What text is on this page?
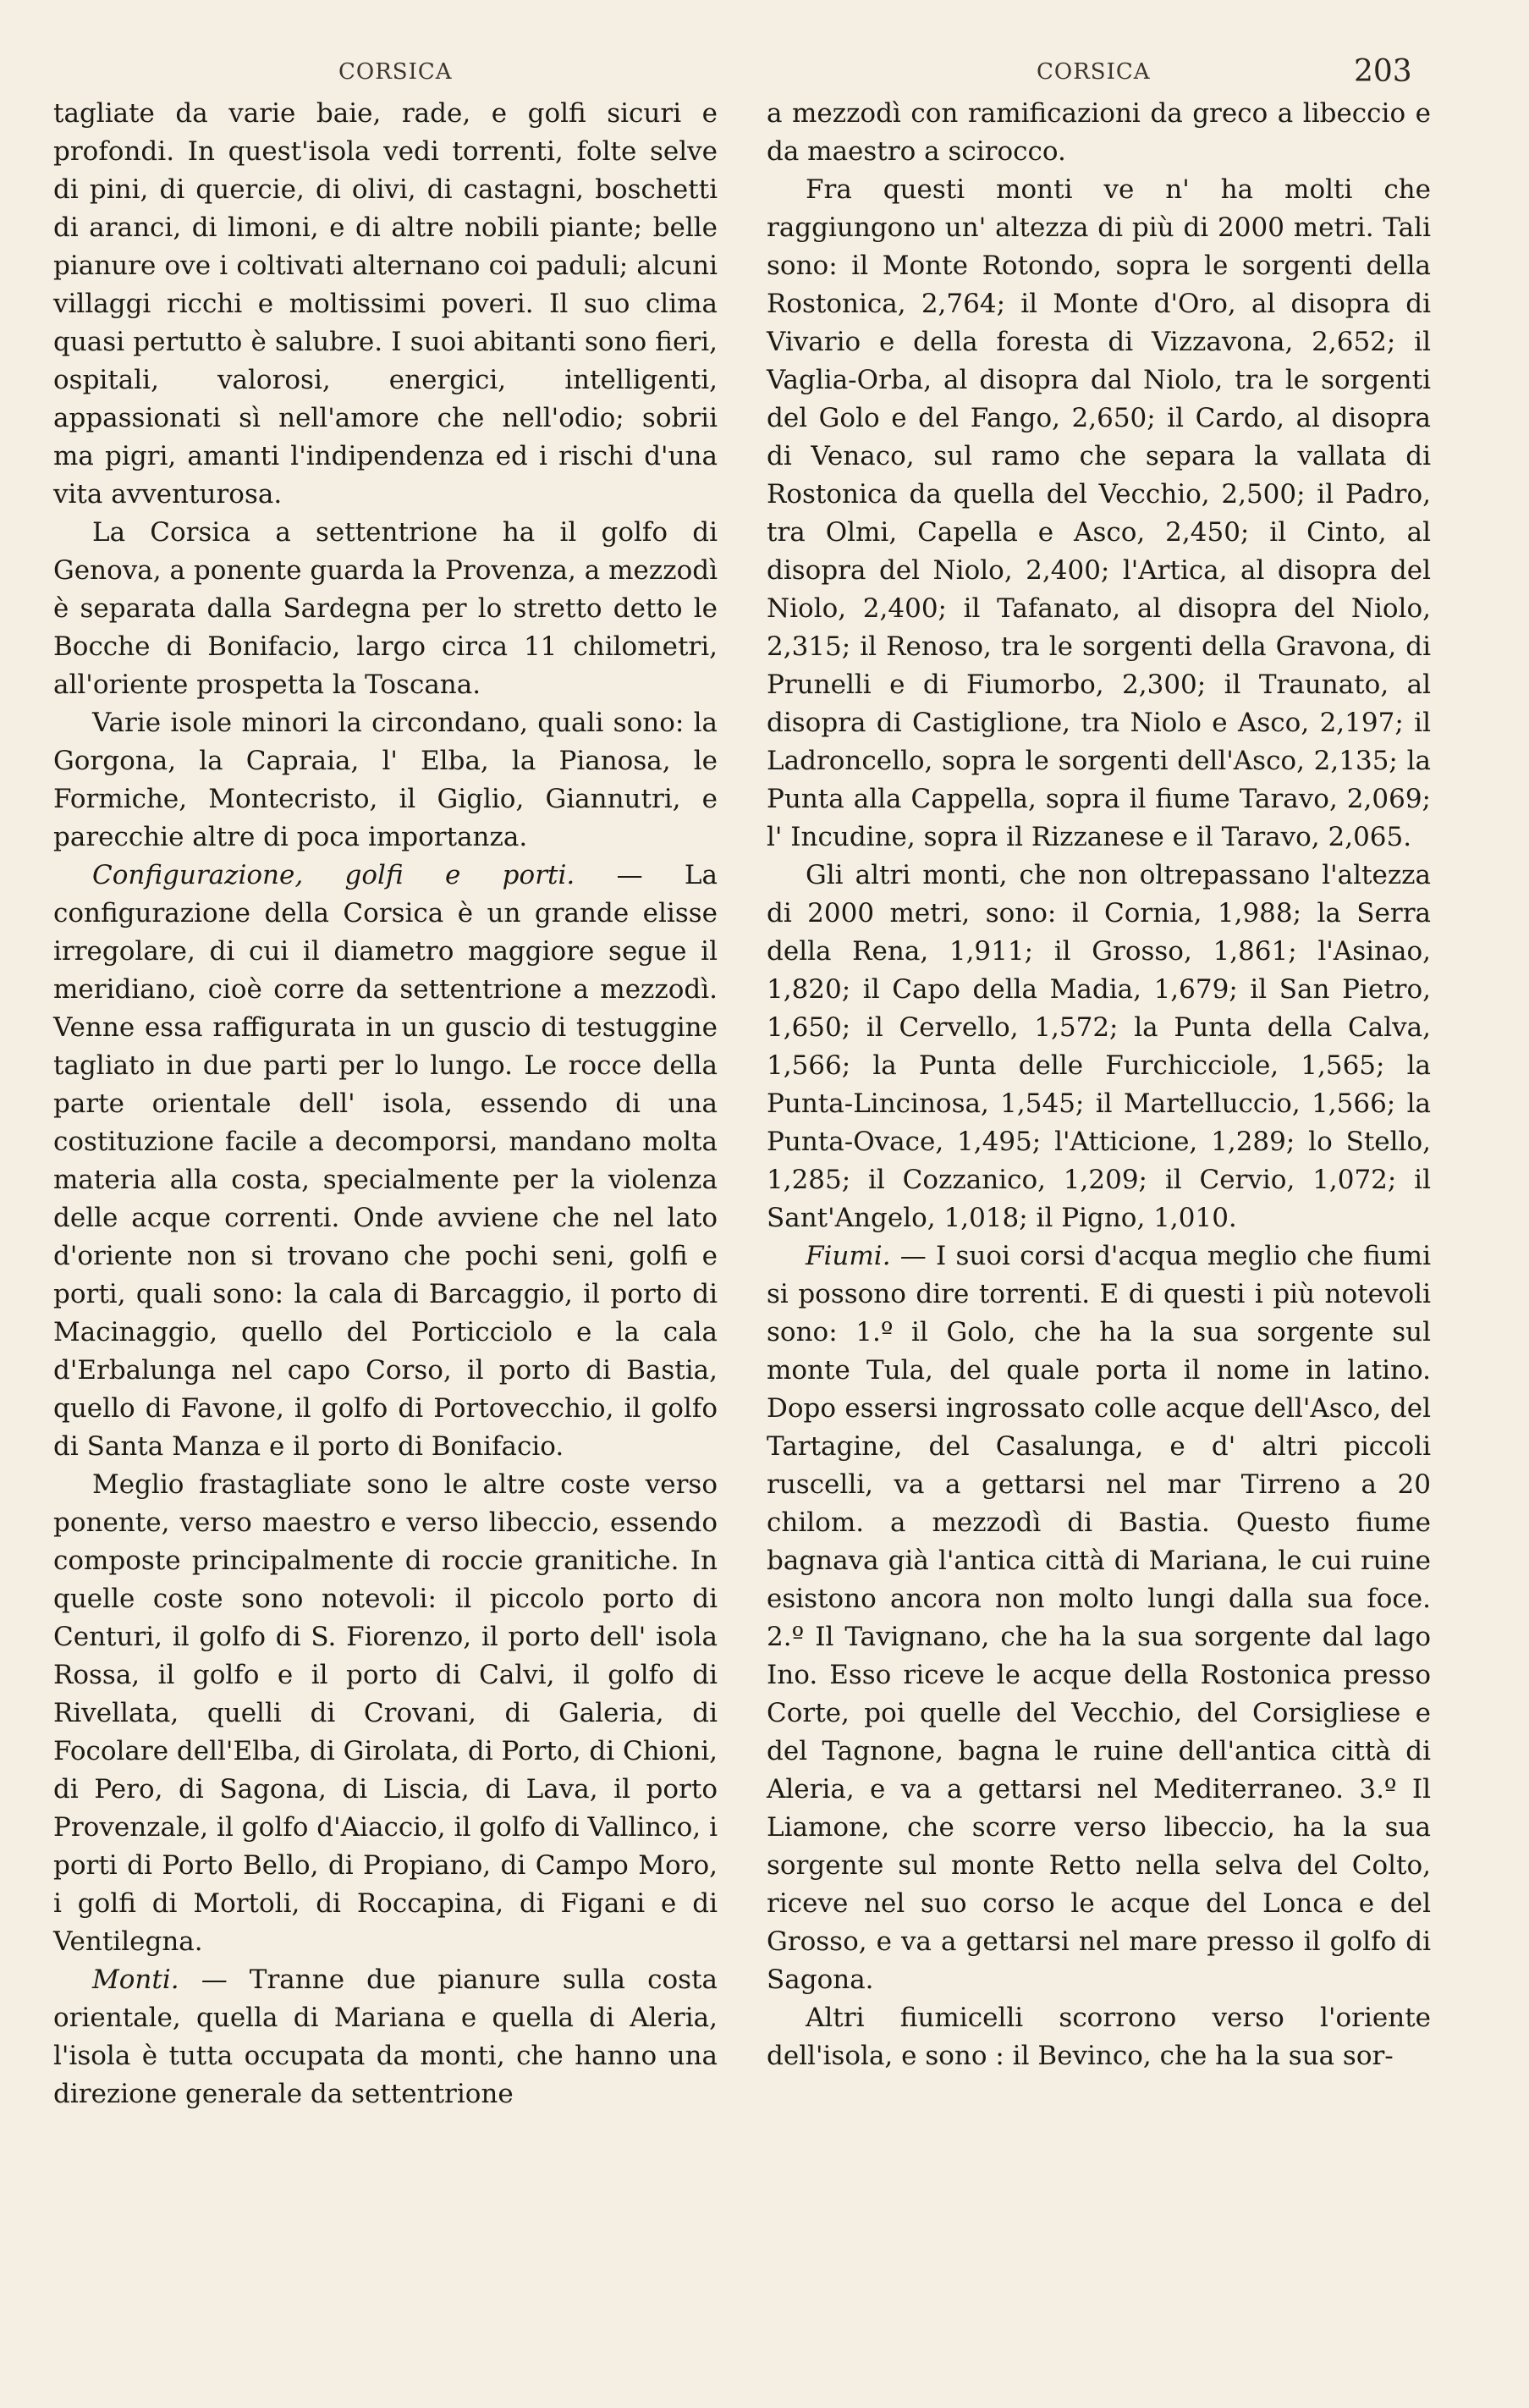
CORSICA	CORSICA	203

tagliate da varie baie, rade, e golfi sicuri e profondi. In quest'isola vedi torrenti, folte selve di pini, di quercie, di olivi, di castagni, boschetti di aranci, di limoni, e di altre nobili piante; belle pianure ove i coltivati alternano coi paduli; alcuni villaggi ricchi e moltissimi poveri. Il suo clima quasi pertutto è salubre. I suoi abitanti sono fieri, ospitali, valorosi, energici, intelligenti, appassionati sì nell'amore che nell'odio; sobrii ma pigri, amanti l'indipendenza ed i rischi d'una vita avventurosa.

La Corsica a settentrione ha il golfo di Genova, a ponente guarda la Provenza, a mezzodì è separata dalla Sardegna per lo stretto detto le Bocche di Bonifacio, largo circa 11 chilometri, all'oriente prospetta la Toscana.

Varie isole minori la circondano, quali sono: la Gorgona, la Capraia, l' Elba, la Pianosa, le Formiche, Montecristo, il Giglio, Giannutri, e parecchie altre di poca importanza.

Configurazione, golfi e porti. — La configurazione della Corsica è un grande elisse irregolare, di cui il diametro maggiore segue il meridiano, cioè corre da settentrione a mezzodì. Venne essa raffigurata in un guscio di testuggine tagliato in due parti per lo lungo. Le rocce della parte orientale dell' isola, essendo di una costituzione facile a decomporsi, mandano molta materia alla costa, specialmente per la violenza delle acque correnti. Onde avviene che nel lato d'oriente non si trovano che pochi seni, golfi e porti, quali sono: la cala di Barcaggio, il porto di Macinaggio, quello del Porticciolo e la cala d'Erbalunga nel capo Corso, il porto di Bastia, quello di Favone, il golfo di Portovecchio, il golfo di Santa Manza e il porto di Bonifacio.

Meglio frastagliate sono le altre coste verso ponente, verso maestro e verso libeccio, essendo composte principalmente di roccie granitiche. In quelle coste sono notevoli: il piccolo porto di Centuri, il golfo di S. Fiorenzo, il porto dell' isola Rossa, il golfo e il porto di Calvi, il golfo di Rivellata, quelli di Crovani, di Galeria, di Focolare dell'Elba, di Girolata, di Porto, di Chioni, di Pero, di Sagona, di Liscia, di Lava, il porto Provenzale, il golfo d'Aiaccio, il golfo di Vallinco, i porti di Porto Bello, di Propiano, di Campo Moro, i golfi di Mortoli, di Roccapina, di Figani e di Ventilegna.

Monti. — Tranne due pianure sulla costa orientale, quella di Mariana e quella di Aleria, l'isola è tutta occupata da monti, che hanno una direzione generale da settentrione

a mezzodì con ramificazioni da greco a libeccio e da maestro a scirocco.

Fra questi monti ve n' ha molti che raggiungono un' altezza di più di 2000 metri. Tali sono: il Monte Rotondo, sopra le sorgenti della Rostonica, 2,764; il Monte d'Oro, al disopra di Vivario e della foresta di Vizzavona, 2,652; il Vaglia-Orba, al disopra dal Niolo, tra le sorgenti del Golo e del Fango, 2,650; il Cardo, al disopra di Venaco, sul ramo che separa la vallata di Rostonica da quella del Vecchio, 2,500; il Padro, tra Olmi, Capella e Asco, 2,450; il Cinto, al disopra del Niolo, 2,400; l'Artica, al disopra del Niolo, 2,400; il Tafanato, al disopra del Niolo, 2,315; il Renoso, tra le sorgenti della Gravona, di Prunelli e di Fiumorbo, 2,300; il Traunato, al disopra di Castiglione, tra Niolo e Asco, 2,197; il Ladroncello, sopra le sorgenti dell'Asco, 2,135; la Punta alla Cappella, sopra il fiume Taravo, 2,069; l' Incudine, sopra il Rizzanese e il Taravo, 2,065.

Gli altri monti, che non oltrepassano l'altezza di 2000 metri, sono: il Cornia, 1,988; la Serra della Rena, 1,911; il Grosso, 1,861; l'Asinao, 1,820; il Capo della Madia, 1,679; il San Pietro, 1,650; il Cervello, 1,572; la Punta della Calva, 1,566; la Punta delle Furchicciole, 1,565; la Punta-Lincinosa, 1,545; il Martelluccio, 1,566; la Punta-Ovace, 1,495; l'Atticione, 1,289; lo Stello, 1,285; il Cozzanico, 1,209; il Cervio, 1,072; il Sant'Angelo, 1,018; il Pigno, 1,010.

Fiumi. — I suoi corsi d'acqua meglio che fiumi si possono dire torrenti. E di questi i più notevoli sono: 1.º il Golo, che ha la sua sorgente sul monte Tula, del quale porta il nome in latino. Dopo essersi ingrossato colle acque dell'Asco, del Tartagine, del Casalunga, e d' altri piccoli ruscelli, va a gettarsi nel mar Tirreno a 20 chilom. a mezzodì di Bastia. Questo fiume bagnava già l'antica città di Mariana, le cui ruine esistono ancora non molto lungi dalla sua foce. 2.º Il Tavignano, che ha la sua sorgente dal lago Ino. Esso riceve le acque della Rostonica presso Corte, poi quelle del Vecchio, del Corsigliese e del Tagnone, bagna le ruine dell'antica città di Aleria, e va a gettarsi nel Mediterraneo. 3.º Il Liamone, che scorre verso libeccio, ha la sua sorgente sul monte Retto nella selva del Colto, riceve nel suo corso le acque del Lonca e del Grosso, e va a gettarsi nel mare presso il golfo di Sagona.

Altri fiumicelli scorrono verso l'oriente dell'isola, e sono : il Bevinco, che ha la sua sor-
